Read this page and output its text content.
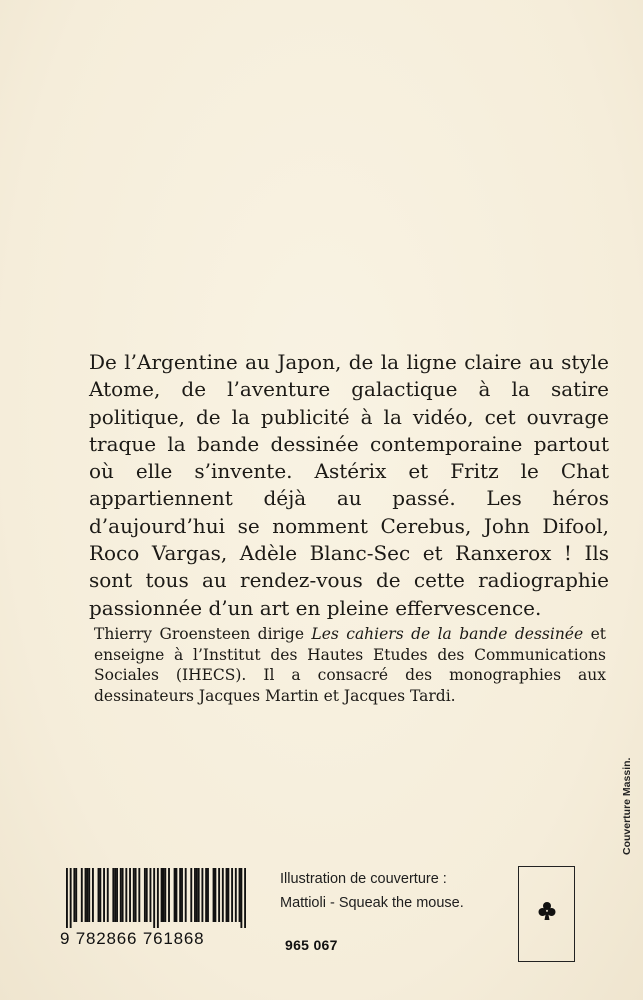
De l’Argentine au Japon, de la ligne claire au style Atome, de l’aventure galactique à la satire politique, de la publicité à la vidéo, cet ouvrage traque la bande dessinée contemporaine partout où elle s’invente. Astérix et Fritz le Chat appartiennent déjà au passé. Les héros d’aujourd’hui se nomment Cerebus, John Difool, Roco Vargas, Adèle Blanc-Sec et Ranxerox ! Ils sont tous au rendez-vous de cette radiographie passionnée d’un art en pleine effervescence.

Thierry Groensteen dirige Les cahiers de la bande dessinée et enseigne à l’Institut des Hautes Etudes des Communications Sociales (IHECS). Il a consacré des monographies aux dessinateurs Jacques Martin et Jacques Tardi.

Couverture Massin.
9 782866 761868
Illustration de couverture :
Mattioli - Squeak the mouse.
965 067
